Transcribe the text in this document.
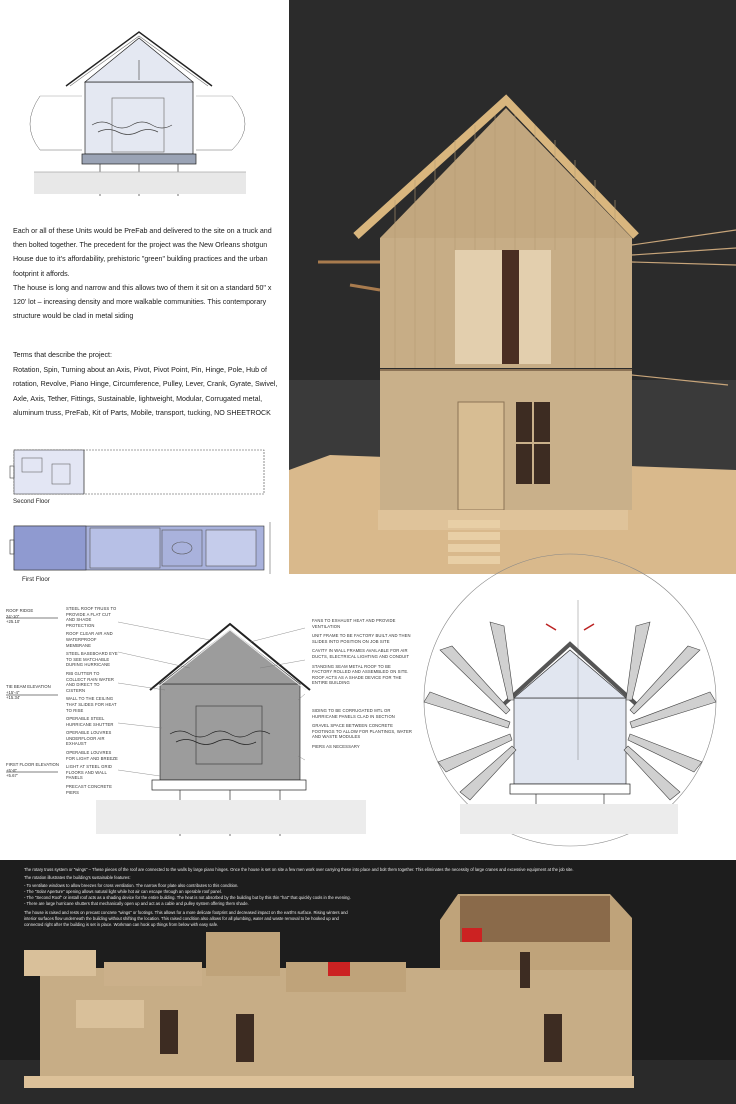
Each or all of these Units would be PreFab and delivered to the site on a truck and then bolted together. The precedent for the project was the New Orleans shotgun House due to it's affordability, prehistoric "green" building practices and the urban footprint it affords.

The house is long and narrow and this allows two of them it sit on a standard 50" x 120' lot – increasing density and more walkable communities. This contemporary structure would be clad in metal siding

Terms that describe the project:

Rotation, Spin, Turning about an Axis, Pivot, Pivot Point, Pin, Hinge, Pole, Hub of rotation, Revolve, Piano Hinge, Circumference, Pulley, Lever, Crank, Gyrate, Swivel, Axle, Axis, Tether, Fittings, Sustainable, lightweight, Modular, Corrugated metal, aluminum truss, PreFab, Kit of Parts, Mobile, transport, tucking, NO SHEETROCK

Second Floor
First Floor
ROOF RIDGE
24'-10"
+25.10'
TIE BEAM ELEVATION
+15'-4"
+15.34'
FIRST FLOOR ELEVATION
+5'-8"
+5.67'
STEEL ROOF TRUSS TO PROVIDE A FLAT CUT AND SHADE PROTECTION
ROOF CLEAR AIR AND WATERPROOF MEMBRANE
STEEL BASEBOARD EYE TO SEE MATCHABLE DURING HURRICANE
RIB GUTTER TO COLLECT RAIN WATER AND DIRECT TO CISTERN
WALL TO THE CEILING THAT SLIDES FOR HEAT TO RISE
OPERABLE STEEL HURRICANE SHUTTER
OPERABLE LOUVRES UNDERFLOOR AIR EXHAUST
OPERABLE LOUVRES FOR LIGHT AND BREEZE
LIGHT AT STEEL GRID FLOORS AND WALL PANELS
PRECAST CONCRETE PIERS
FANS TO EXHAUST HEAT AND PROVIDE VENTILATION
UNIT FRAME TO BE FACTORY BUILT AND THEN SLIDES INTO POSITION ON JOB SITE
CAVITY IN WALL FRAMES AVAILABLE FOR AIR DUCTS, ELECTRICAL LIGHTING AND CONDUIT
STANDING SEAM METAL ROOF TO BE FACTORY ROLLED AND ASSEMBLED ON SITE. ROOF ACTS AS A SHADE DEVICE FOR THE ENTIRE BUILDING
SIDING TO BE CORRUGATED MTL OR HURRICANE PANELS CLAD IN SECTION
GRAVEL SPACE BETWEEN CONCRETE FOOTINGS TO ALLOW FOR PLANTINGS, WATER AND WASTE MODULES
PIERS AS NECESSARY

The rotary truss system or "wings" – These pieces of the roof are connected to the walls by large piano hinges. Once the house is set on site a few men work over carrying these into place and bolt them together. This eliminates the necessity of large cranes and excessive equipment at the job site.

The rotation illustrates the building's sustainable features:

- To ventilate windows to allow breezes for cross ventilation. The narrow floor plate also contributes to this condition.
- The "Solar Aperture" opening allows natural light while hot air can escape through an operable roof panel.
- The "Second Roof" or install roof acts as a shading device for the entire building. The heat is not absorbed by the building but by this thin "hat" that quickly cools in the evening.
- There are large hurricane shutters that mechanically open up and act as a cable and pulley system offering them shade.

The house is raised and rests on precast concrete "wings" or footings. This allows for a more delicate footprint and decreased impact on the earth's surface. Rising winters and interior surfaces flow underneath the building without shifting the location. This raised condition also allows for all plumbing, water and waste removal to be hooked up and connected right after the building is set in place. Workman can hook up things from below with easy safe.
